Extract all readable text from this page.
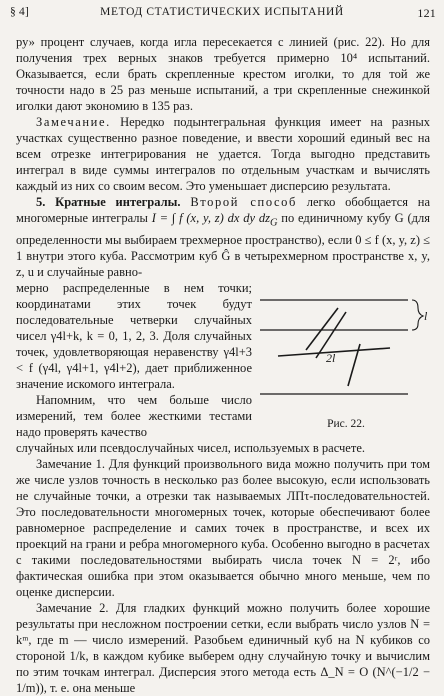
§ 4]	МЕТОД СТАТИСТИЧЕСКИХ ИСПЫТАНИЙ	121

ру» процент случаев, когда игла пересекается с линией (рис. 22). Но для получения трех верных знаков требуется примерно 10⁴ испытаний. Оказывается, если брать скрепленные крестом иголки, то для той же точности надо в 25 раз меньше испытаний, а три скрепленные снежинкой иголки дают экономию в 135 раз.

Замечание. Нередко подынтегральная функция имеет на разных участках существенно разное поведение, и ввести хороший единый вес на всем отрезке интегрирования не удается. Тогда выгодно представить интеграл в виде суммы интегралов по отдельным участкам и вычислять каждый из них со своим весом. Это уменьшает дисперсию результата.

5. Кратные интегралы. Второй способ легко обобщается на многомерные интегралы I = ∫ f (x, y, z) dx dy $dz_G$ по единичному кубу G (для определенности мы выбираем трехмерное пространство), если 0 ≤ f (x, y, z) ≤ 1 внутри этого куба. Рассмотрим куб Ĝ в четырехмерном пространстве x, y, z, u и случайные равно-

мерно распределенные в нем точки; координатами этих точек будут последовательные четверки случайных чисел γ4l+k, k = 0, 1, 2, 3. Доля случайных точек, удовлетворяющая неравенству γ4l+3 < f (γ4l, γ4l+1, γ4l+2), дает приближенное значение искомого интеграла.

Напомним, что чем больше число измерений, тем более жесткими тестами надо проверять качество

l
2l
Рис. 22.

случайных или псевдослучайных чисел, используемых в расчете.

Замечание 1. Для функций произвольного вида можно получить при том же числе узлов точность в несколько раз более высокую, если использовать не случайные точки, а отрезки так называемых ЛПτ-последовательностей. Это последовательности многомерных точек, которые обеспечивают более равномерное распределение и самих точек в пространстве, и всех их проекций на грани и ребра многомерного куба. Особенно выгодно в расчетах с такими последовательностями выбирать числа точек N = 2ʳ, ибо фактическая ошибка при этом оказывается обычно много меньше, чем по оценке дисперсии.

Замечание 2. Для гладких функций можно получить более хорошие результаты при несложном построении сетки, если выбрать число узлов N = kᵐ, где m — число измерений. Разобьем единичный куб на N кубиков со стороной 1/k, в каждом кубике выберем одну случайную точку и вычислим по этим точкам интеграл. Дисперсия этого метода есть Δ_N = O (N^(−1/2 − 1/m)), т. е. она меньше
